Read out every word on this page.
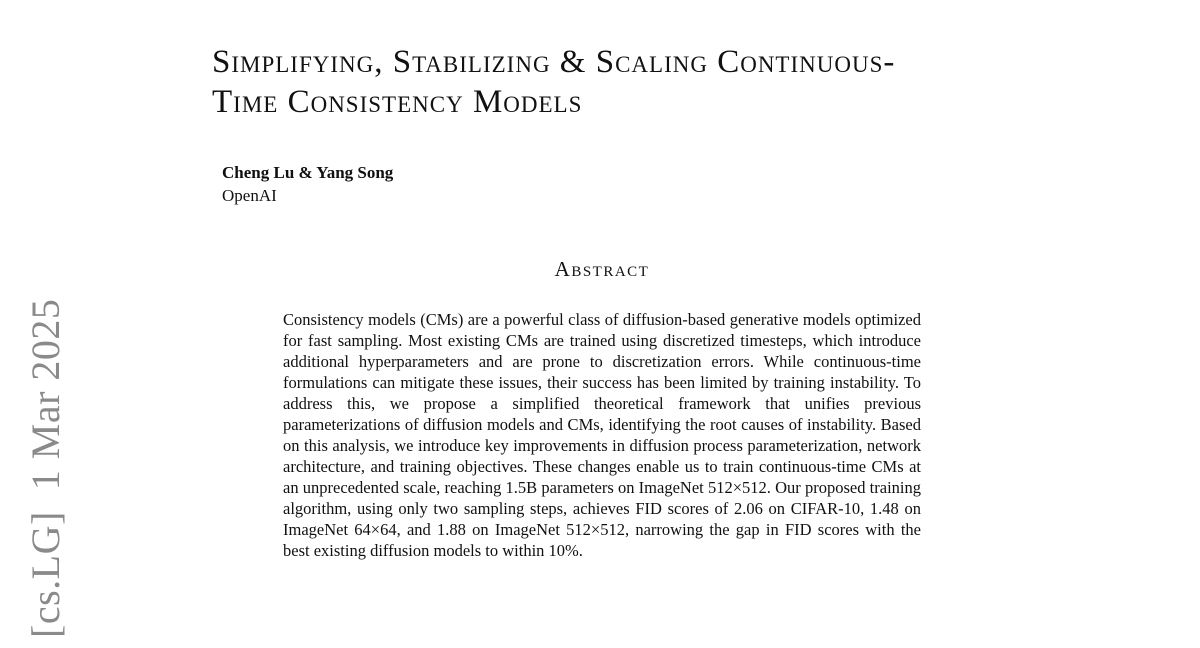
[cs.LG]  1 Mar 2025
Simplifying, Stabilizing & Scaling Continuous-
Time Consistency Models
Cheng Lu & Yang Song
OpenAI
Abstract

Consistency models (CMs) are a powerful class of diffusion-based generative models optimized for fast sampling. Most existing CMs are trained using discretized timesteps, which introduce additional hyperparameters and are prone to discretization errors. While continuous-time formulations can mitigate these issues, their success has been limited by training instability. To address this, we propose a simplified theoretical framework that unifies previous parameterizations of diffusion models and CMs, identifying the root causes of instability. Based on this analysis, we introduce key improvements in diffusion process parameterization, network architecture, and training objectives. These changes enable us to train continuous-time CMs at an unprecedented scale, reaching 1.5B parameters on ImageNet 512×512. Our proposed training algorithm, using only two sampling steps, achieves FID scores of 2.06 on CIFAR-10, 1.48 on ImageNet 64×64, and 1.88 on ImageNet 512×512, narrowing the gap in FID scores with the best existing diffusion models to within 10%.
